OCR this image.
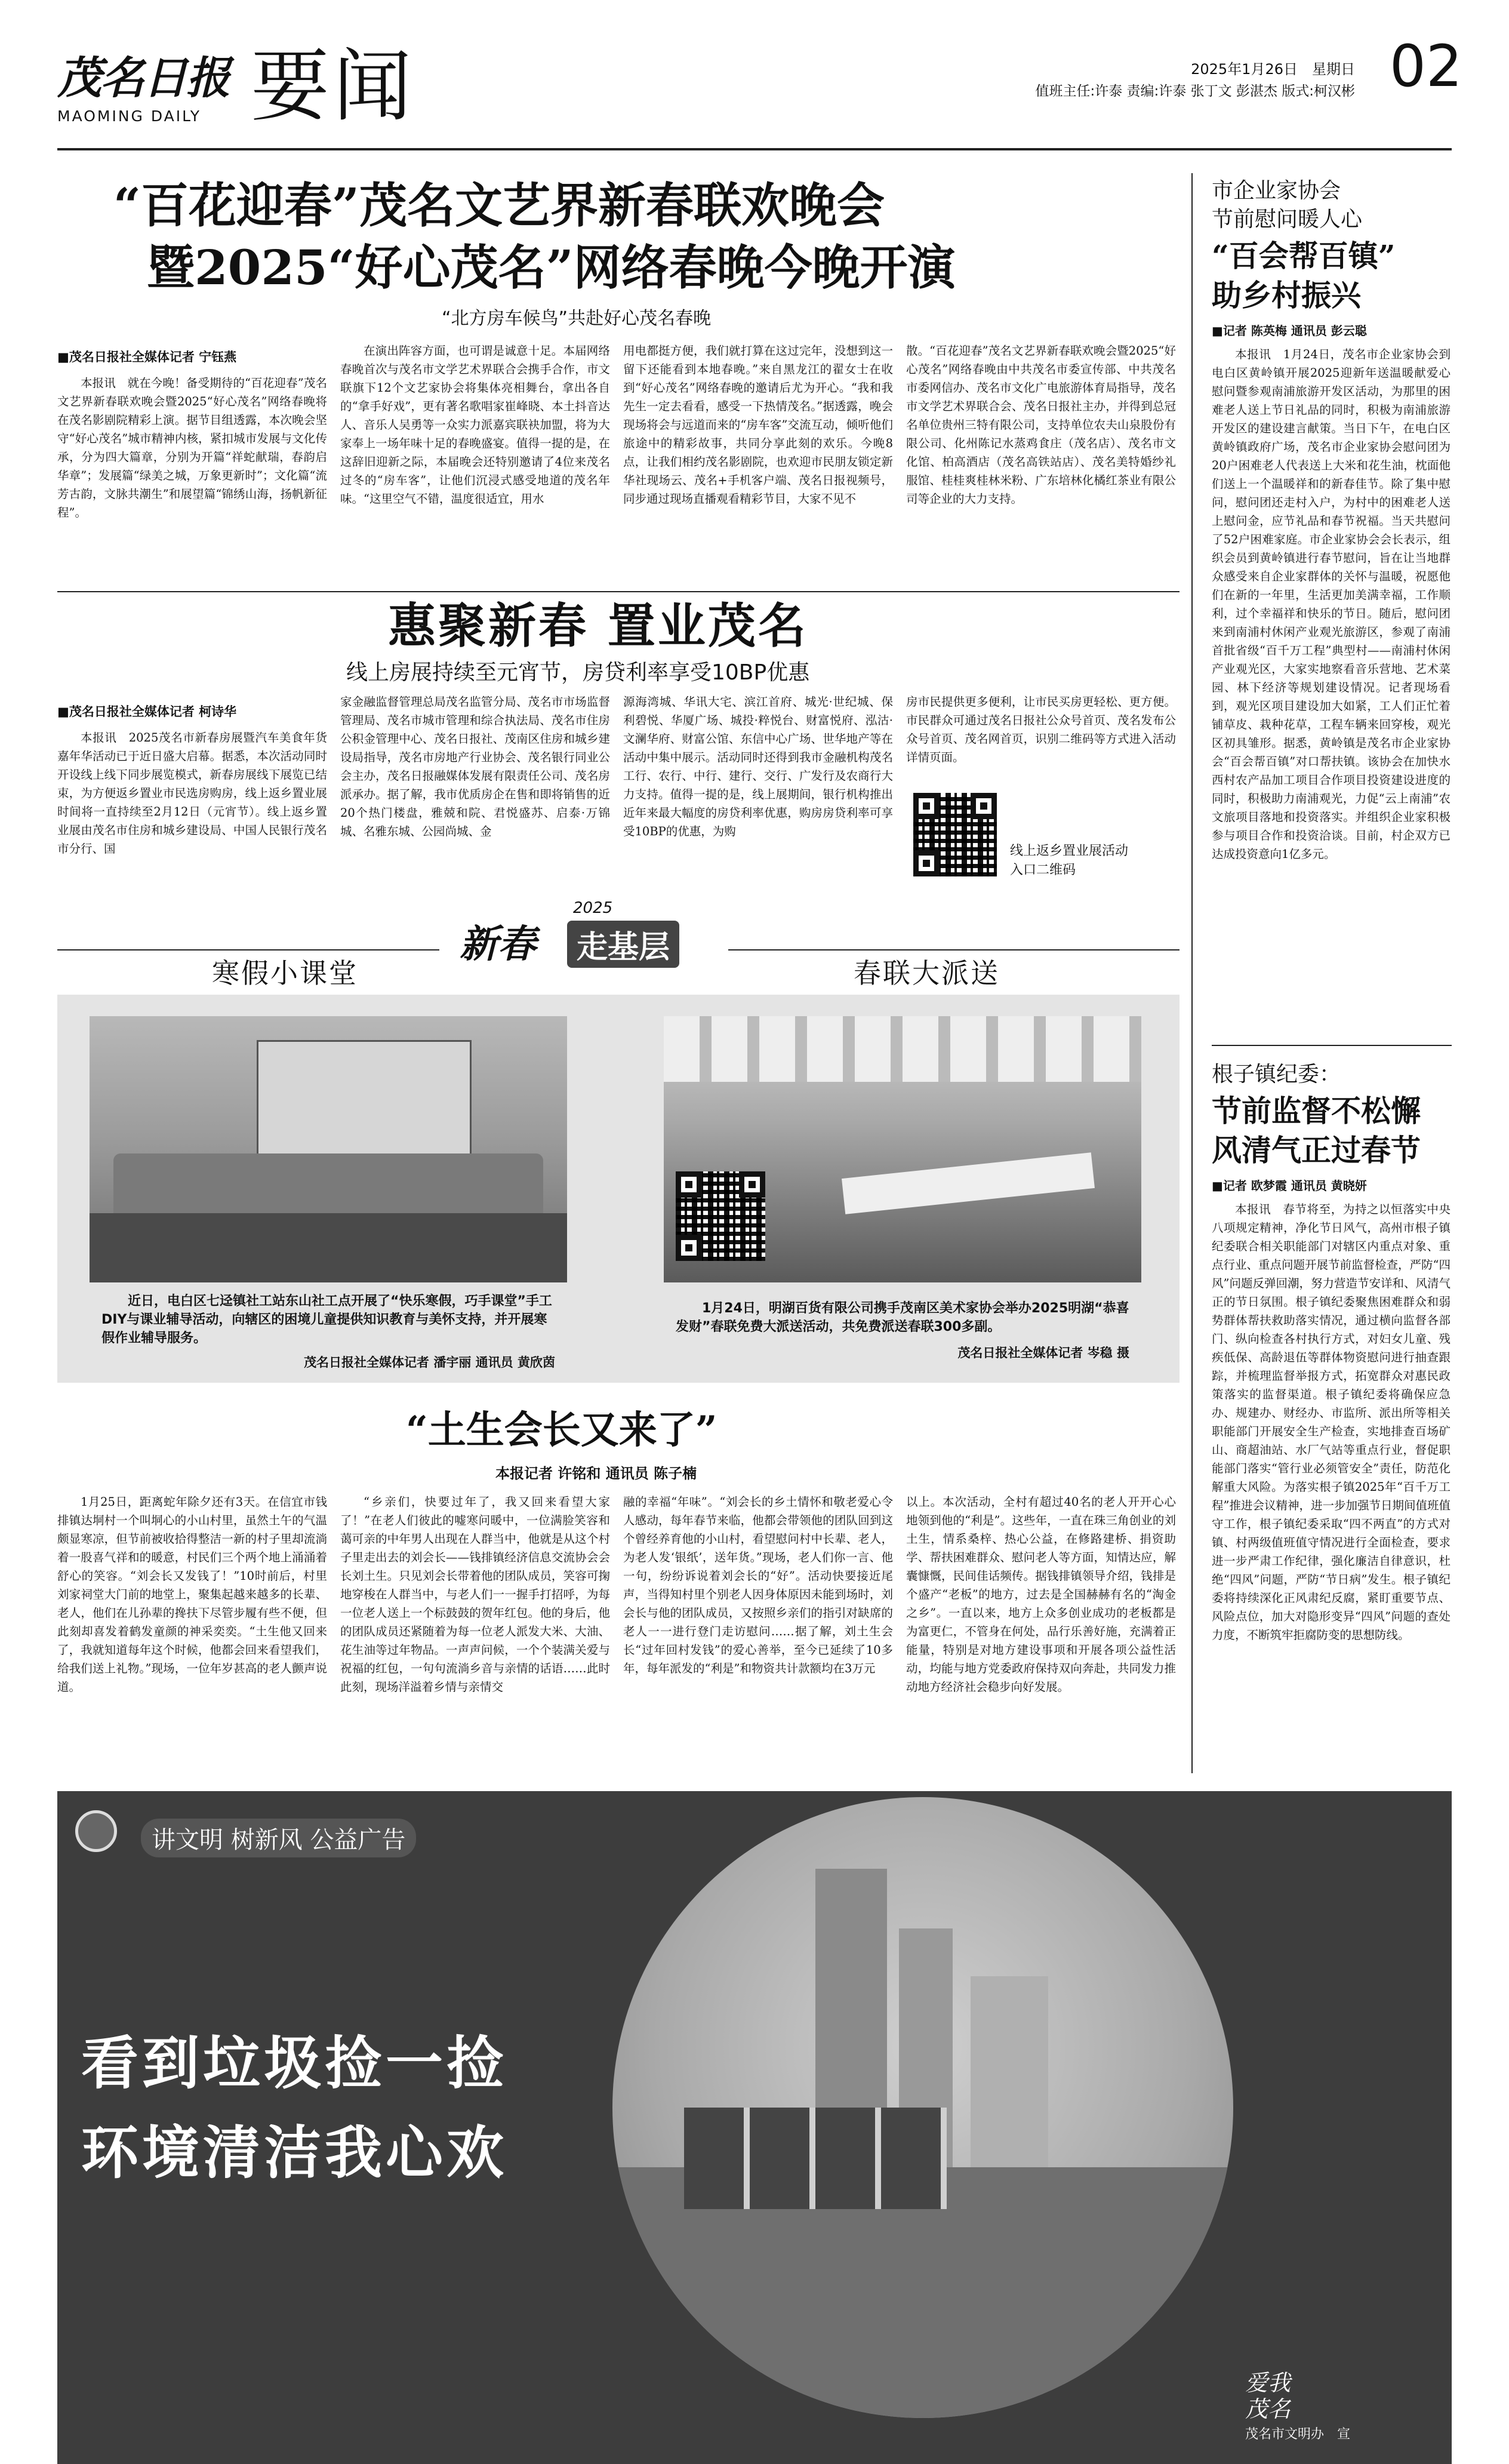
茂名日报
MAOMING DAILY 要闻	2025年1月26日　星期日
值班主任:许泰 责编:许泰 张丁文 彭湛杰 版式:柯汉彬 02
“百花迎春”茂名文艺界新春联欢晚会
暨2025“好心茂名”网络春晚今晚开演
“北方房车候鸟”共赴好心茂名春晚
■茂名日报社全媒体记者 宁钰燕

本报讯　就在今晚！备受期待的“百花迎春”茂名文艺界新春联欢晚会暨2025“好心茂名”网络春晚将在茂名影剧院精彩上演。据节目组透露，本次晚会坚守“好心茂名”城市精神内核，紧扣城市发展与文化传承，分为四大篇章，分别为开篇“祥蛇献瑞，春韵启华章”；发展篇“绿美之城，万象更新时”；文化篇“流芳古韵，文脉共潮生”和展望篇“锦绣山海，扬帆新征程”。

在演出阵容方面，也可谓是诚意十足。本届网络春晚首次与茂名市文学艺术界联合会携手合作，市文联旗下12个文艺家协会将集体亮相舞台，拿出各自的“拿手好戏”，更有著名歌唱家崔峰晓、本土抖音达人、音乐人吴勇等一众实力派嘉宾联袂加盟，将为大家奉上一场年味十足的春晚盛宴。值得一提的是，在这辞旧迎新之际，本届晚会还特别邀请了4位来茂名过冬的“房车客”，让他们沉浸式感受地道的茂名年味。“这里空气不错，温度很适宜，用水

用电都挺方便，我们就打算在这过完年，没想到这一留下还能看到本地春晚。”来自黑龙江的翟女士在收到“好心茂名”网络春晚的邀请后尤为开心。“我和我先生一定去看看，感受一下热情茂名。”据透露，晚会现场将会与远道而来的“房车客”交流互动，倾听他们旅途中的精彩故事，共同分享此刻的欢乐。今晚8点，让我们相约茂名影剧院，也欢迎市民朋友锁定新华社现场云、茂名+手机客户端、茂名日报视频号，同步通过现场直播观看精彩节目，大家不见不

散。“百花迎春”茂名文艺界新春联欢晚会暨2025“好心茂名”网络春晚由中共茂名市委宣传部、中共茂名市委网信办、茂名市文化广电旅游体育局指导，茂名市文学艺术界联合会、茂名日报社主办，并得到总冠名单位贵州三特有限公司，支持单位农夫山泉股份有限公司、化州陈记水蒸鸡食庄（茂名店）、茂名市文化馆、柏高酒店（茂名高铁站店）、茂名美特婚纱礼服馆、桂桂爽桂林米粉、广东培林化橘红茶业有限公司等企业的大力支持。

惠聚新春 置业茂名
线上房展持续至元宵节，房贷利率享受10BP优惠
■茂名日报社全媒体记者 柯诗华

本报讯　2025茂名市新春房展暨汽车美食年货嘉年华活动已于近日盛大启幕。据悉，本次活动同时开设线上线下同步展览模式，新春房展线下展览已结束，为方便返乡置业市民选房购房，线上返乡置业展时间将一直持续至2月12日（元宵节）。线上返乡置业展由茂名市住房和城乡建设局、中国人民银行茂名市分行、国

家金融监督管理总局茂名监管分局、茂名市市场监督管理局、茂名市城市管理和综合执法局、茂名市住房公积金管理中心、茂名日报社、茂南区住房和城乡建设局指导，茂名市房地产行业协会、茂名银行同业公会主办，茂名日报融媒体发展有限责任公司、茂名房派承办。据了解，我市优质房企在售和即将销售的近20个热门楼盘，雅兢和院、君悦盛苏、启泰·万锦城、名雅东城、公园尚城、金

源海湾城、华讯大宅、滨江首府、城光·世纪城、保利碧悦、华厦广场、城投·粹悦台、财富悦府、泓沽·文澜华府、财富公馆、东信中心广场、世华地产等在活动中集中展示。活动同时还得到我市金融机构茂名工行、农行、中行、建行、交行、广发行及农商行大力支持。值得一提的是，线上展期间，银行机构推出近年来最大幅度的房贷利率优惠，购房房贷利率可享受10BP的优惠，为购

房市民提供更多便利，让市民买房更轻松、更方便。市民群众可通过茂名日报社公众号首页、茂名发布公众号首页、茂名网首页，识别二维码等方式进入活动详情页面。

线上返乡置业展活动
入口二维码
2025
新春	走基层
寒假小课堂	春联大派送
近日，电白区七迳镇社工站东山社工点开展了“快乐寒假，巧手课堂”手工DIY与课业辅导活动，向辖区的困境儿童提供知识教育与美怀支持，并开展寒假作业辅导服务。
茂名日报社全媒体记者 潘宇丽 通讯员 黄欣茵
1月24日，明湖百货有限公司携手茂南区美术家协会举办2025明湖“恭喜发财”春联免费大派送活动，共免费派送春联300多副。
茂名日报社全媒体记者 岑稳 摄
“土生会长又来了”
本报记者 许铭和 通讯员 陈子楠

1月25日，距离蛇年除夕还有3天。在信宜市钱排镇达垌村一个叫垌心的小山村里，虽然土午的气温颇显寒凉，但节前被收拾得整洁一新的村子里却流淌着一股喜气祥和的暖意，村民们三个两个地上涌涌着舒心的笑容。“刘会长又发钱了！”10时前后，村里刘家祠堂大门前的地堂上，聚集起越来越多的长辈、老人，他们在儿孙辈的搀扶下尽管步履有些不便，但此刻却喜发着鹤发童颜的神采奕奕。“土生他又回来了，我就知道每年这个时候，他都会回来看望我们，给我们送上礼物。”现场，一位年岁甚高的老人颤声说道。

“乡亲们，快要过年了，我又回来看望大家了！”在老人们彼此的嘘寒问暖中，一位满脸笑容和蔼可亲的中年男人出现在人群当中，他就是从这个村子里走出去的刘会长——钱排镇经济信息交流协会会长刘土生。只见刘会长带着他的团队成员，笑容可掬地穿梭在人群当中，与老人们一一握手打招呼，为每一位老人送上一个标鼓鼓的贺年红包。他的身后，他的团队成员还紧随着为每一位老人派发大米、大油、花生油等过年物品。一声声问候，一个个装满关爱与祝福的红包，一句句流淌乡音与亲情的话语……此时此刻，现场洋溢着乡情与亲情交

融的幸福“年味”。“刘会长的乡土情怀和敬老爱心令人感动，每年春节来临，他都会带领他的团队回到这个曾经养育他的小山村，看望慰问村中长辈、老人，为老人发‘银纸’，送年货。”现场，老人们你一言、他一句，纷纷诉说着刘会长的“好”。活动快要接近尾声，当得知村里个别老人因身体原因未能到场时，刘会长与他的团队成员，又按照乡亲们的指引对缺席的老人一一进行登门走访慰问……据了解，刘土生会长“过年回村发钱”的爱心善举，至今已延续了10多年，每年派发的“利是”和物资共计款额均在3万元

以上。本次活动，全村有超过40名的老人开开心心地领到他的“利是”。这些年，一直在珠三角创业的刘土生，情系桑梓、热心公益，在修路建桥、捐资助学、帮扶困难群众、慰问老人等方面，知情达应，解囊慷慨，民间佳话频传。据钱排镇领导介绍，钱排是个盛产“老板”的地方，过去是全国赫赫有名的“淘金之乡”。一直以来，地方上众多创业成功的老板都是为富更仁，不管身在何处，品行乐善好施，充满着正能量，特别是对地方建设事项和开展各项公益性活动，均能与地方党委政府保持双向奔赴，共同发力推动地方经济社会稳步向好发展。

市企业家协会
节前慰问暖人心
“百会帮百镇”
助乡村振兴
■记者 陈英梅 通讯员 彭云聪

本报讯　1月24日，茂名市企业家协会到电白区黄岭镇开展2025迎新年送温暖献爱心慰问暨参观南浦旅游开发区活动，为那里的困难老人送上节日礼品的同时，积极为南浦旅游开发区的建设建言献策。当日下午，在电白区黄岭镇政府广场，茂名市企业家协会慰问团为20户困难老人代表送上大米和花生油，枕面他们送上一个温暖祥和的新春佳节。除了集中慰问，慰问团还走村入户，为村中的困难老人送上慰问金，应节礼品和春节祝福。当天共慰问了52户困难家庭。市企业家协会会长表示，组织会员到黄岭镇进行春节慰问，旨在让当地群众感受来自企业家群体的关怀与温暖，祝愿他们在新的一年里，生活更加美满幸福，工作顺利，过个幸福祥和快乐的节日。随后，慰问团来到南浦村休闲产业观光旅游区，参观了南浦首批省级“百千万工程”典型村——南浦村休闲产业观光区，大家实地察看音乐营地、艺术菜园、林下经济等规划建设情况。记者现场看到，观光区项目建设加大如紧，工人们正忙着铺草皮、栽种花草，工程车辆来回穿梭，观光区初具雏形。据悉，黄岭镇是茂名市企业家协会“百会帮百镇”对口帮扶镇。该协会在加快水西村农产品加工项目合作项目投资建设进度的同时，积极助力南浦观光，力促“云上南浦”农文旅项目落地和投资落实。并组织企业家积极参与项目合作和投资洽谈。目前，村企双方已达成投资意向1亿多元。

根子镇纪委：
节前监督不松懈
风清气正过春节
■记者 欧梦霞 通讯员 黄晓妍

本报讯　春节将至，为持之以恒落实中央八项规定精神，净化节日风气，高州市根子镇纪委联合相关职能部门对辖区内重点对象、重点行业、重点问题开展节前监督检查，严防“四风”问题反弹回潮，努力营造节安详和、风清气正的节日氛围。根子镇纪委聚焦困难群众和弱势群体帮扶救助落实情况，通过横向监督各部门、纵向检查各村执行方式，对妇女儿童、残疾低保、高龄退伍等群体物资慰问进行抽查跟踪，并梳理监督举报方式，拓宽群众对惠民政策落实的监督渠道。根子镇纪委将确保应急办、规建办、财经办、市监所、派出所等相关职能部门开展安全生产检查，实地排查百场矿山、商超油站、水厂气站等重点行业，督促职能部门落实“管行业必须管安全”责任，防范化解重大风险。为落实根子镇2025年“百千万工程”推进会议精神，进一步加强节日期间值班值守工作，根子镇纪委采取“四不两直”的方式对镇、村两级值班值守情况进行全面检查，要求进一步严肃工作纪律，强化廉洁自律意识，杜绝“四风”问题，严防“节日病”发生。根子镇纪委将持续深化正风肃纪反腐，紧盯重要节点、风险点位，加大对隐形变异“四风”问题的查处力度，不断筑牢拒腐防变的思想防线。

讲文明 树新风 公益广告
看到垃圾捡一捡
环境清洁我心欢
爱我
茂名
茂名市文明办　宣
